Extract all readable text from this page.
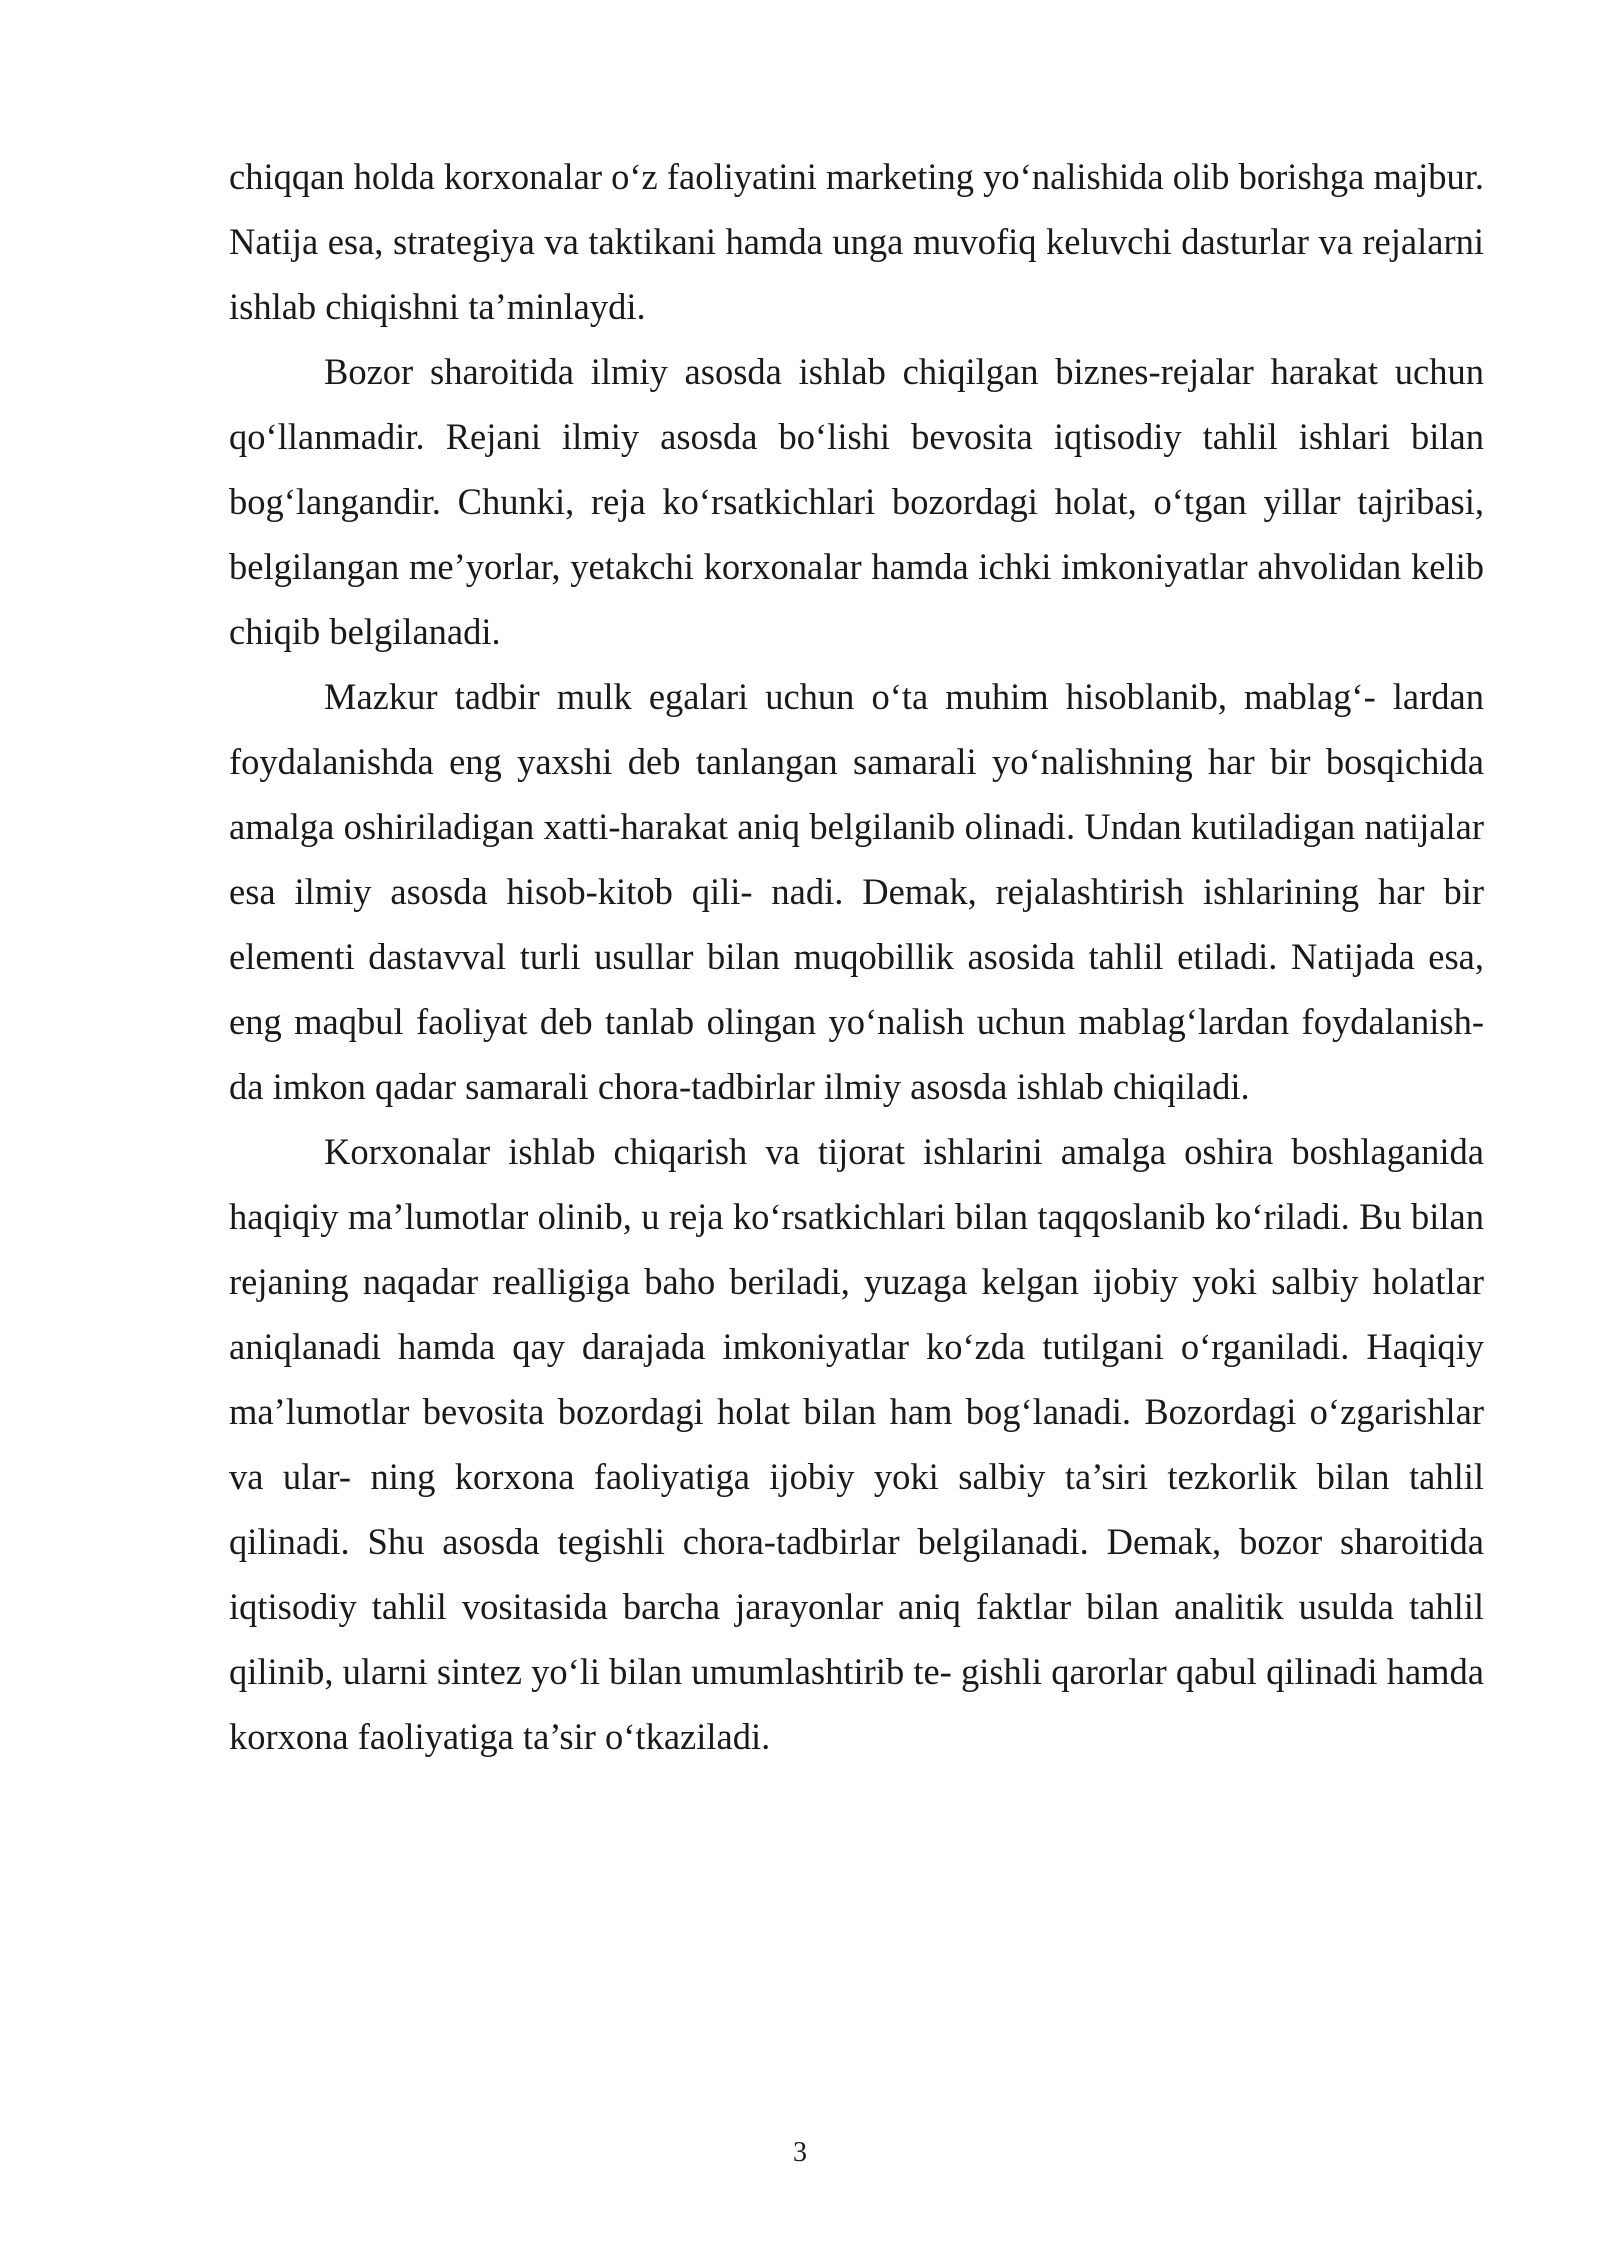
chiqqan holda korxonalar o‘z faoliyatini marketing yo‘nalishida olib borishga majbur. Natija esa, strategiya va taktikani hamda unga muvofiq keluvchi dasturlar va rejalarni ishlab chiqishni ta’minlaydi.

Bozor sharoitida ilmiy asosda ishlab chiqilgan biznes-rejalar harakat uchun qo‘llanmadir. Rejani ilmiy asosda bo‘lishi bevosita iqtisodiy tahlil ishlari bilan bog‘langandir. Chunki, reja ko‘rsatkichlari bozordagi holat, o‘tgan yillar tajribasi, belgilangan me’yorlar, yetakchi korxonalar hamda ichki imkoniyatlar ahvolidan kelib chiqib belgilanadi.

Mazkur tadbir mulk egalari uchun o‘ta muhim hisoblanib, mablag‘- lardan foydalanishda eng yaxshi deb tanlangan samarali yo‘nalishning har bir bosqichida amalga oshiriladigan xatti-harakat aniq belgilanib olinadi. Undan kutiladigan natijalar esa ilmiy asosda hisob-kitob qili- nadi. Demak, rejalashtirish ishlarining har bir elementi dastavval turli usullar bilan muqobillik asosida tahlil etiladi. Natijada esa, eng maqbul faoliyat deb tanlab olingan yo‘nalish uchun mablag‘lardan foydalanish- da imkon qadar samarali chora-tadbirlar ilmiy asosda ishlab chiqiladi.

Korxonalar ishlab chiqarish va tijorat ishlarini amalga oshira boshlaganida haqiqiy ma’lumotlar olinib, u reja ko‘rsatkichlari bilan taqqoslanib ko‘riladi. Bu bilan rejaning naqadar realligiga baho beriladi, yuzaga kelgan ijobiy yoki salbiy holatlar aniqlanadi hamda qay darajada imkoniyatlar ko‘zda tutilgani o‘rganiladi. Haqiqiy ma’lumotlar bevosita bozordagi holat bilan ham bog‘lanadi. Bozordagi o‘zgarishlar va ular- ning korxona faoliyatiga ijobiy yoki salbiy ta’siri tezkorlik bilan tahlil qilinadi. Shu asosda tegishli chora-tadbirlar belgilanadi. Demak, bozor sharoitida iqtisodiy tahlil vositasida barcha jarayonlar aniq faktlar bilan analitik usulda tahlil qilinib, ularni sintez yo‘li bilan umumlashtirib te- gishli qarorlar qabul qilinadi hamda korxona faoliyatiga ta’sir o‘tkaziladi.

3
